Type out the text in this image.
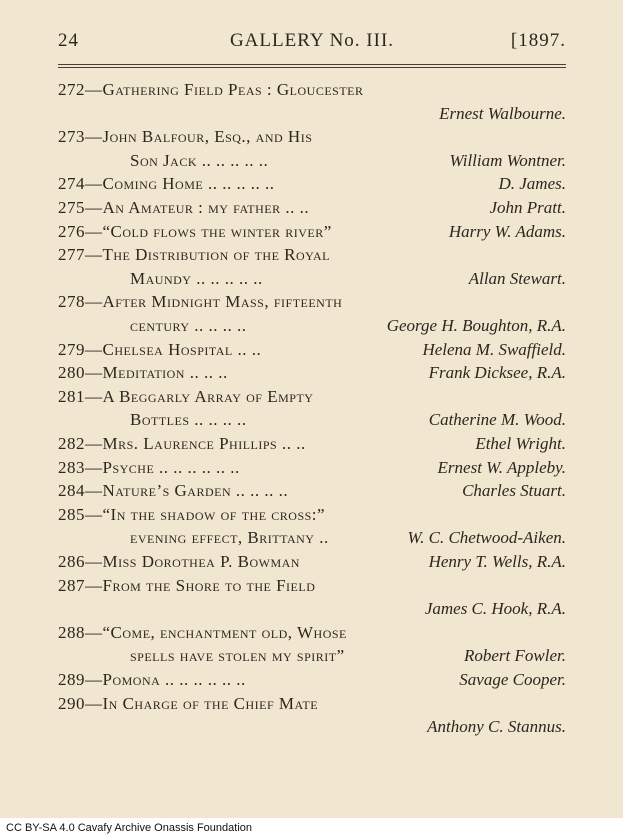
24	GALLERY No. III.	[1897.
272—Gathering Field Peas : Gloucester
Ernest Walbourne.
273—John Balfour, Esq., and His
Son Jack .. .. .. .. ..	William Wontner.
274—Coming Home .. .. .. .. ..	D. James.
275—An Amateur : my father .. ..	John Pratt.
276—“Cold flows the winter river”	Harry W. Adams.
277—The Distribution of the Royal
Maundy .. .. .. .. ..	Allan Stewart.
278—After Midnight Mass, fifteenth
century .. .. .. ..	George H. Boughton, R.A.
279—Chelsea Hospital .. ..	Helena M. Swaffield.
280—Meditation .. .. ..	Frank Dicksee, R.A.
281—A Beggarly Array of Empty
Bottles .. .. .. ..	Catherine M. Wood.
282—Mrs. Laurence Phillips .. ..	Ethel Wright.
283—Psyche .. .. .. .. .. ..	Ernest W. Appleby.
284—Nature’s Garden .. .. .. ..	Charles Stuart.
285—“In the shadow of the cross:”
evening effect, Brittany ..	W. C. Chetwood-Aiken.
286—Miss Dorothea P. Bowman	Henry T. Wells, R.A.
287—From the Shore to the Field
James C. Hook, R.A.
288—“Come, enchantment old, Whose
spells have stolen my spirit”	Robert Fowler.
289—Pomona .. .. .. .. .. ..	Savage Cooper.
290—In Charge of the Chief Mate
Anthony C. Stannus.
CC BY-SA 4.0 Cavafy Archive Onassis Foundation
